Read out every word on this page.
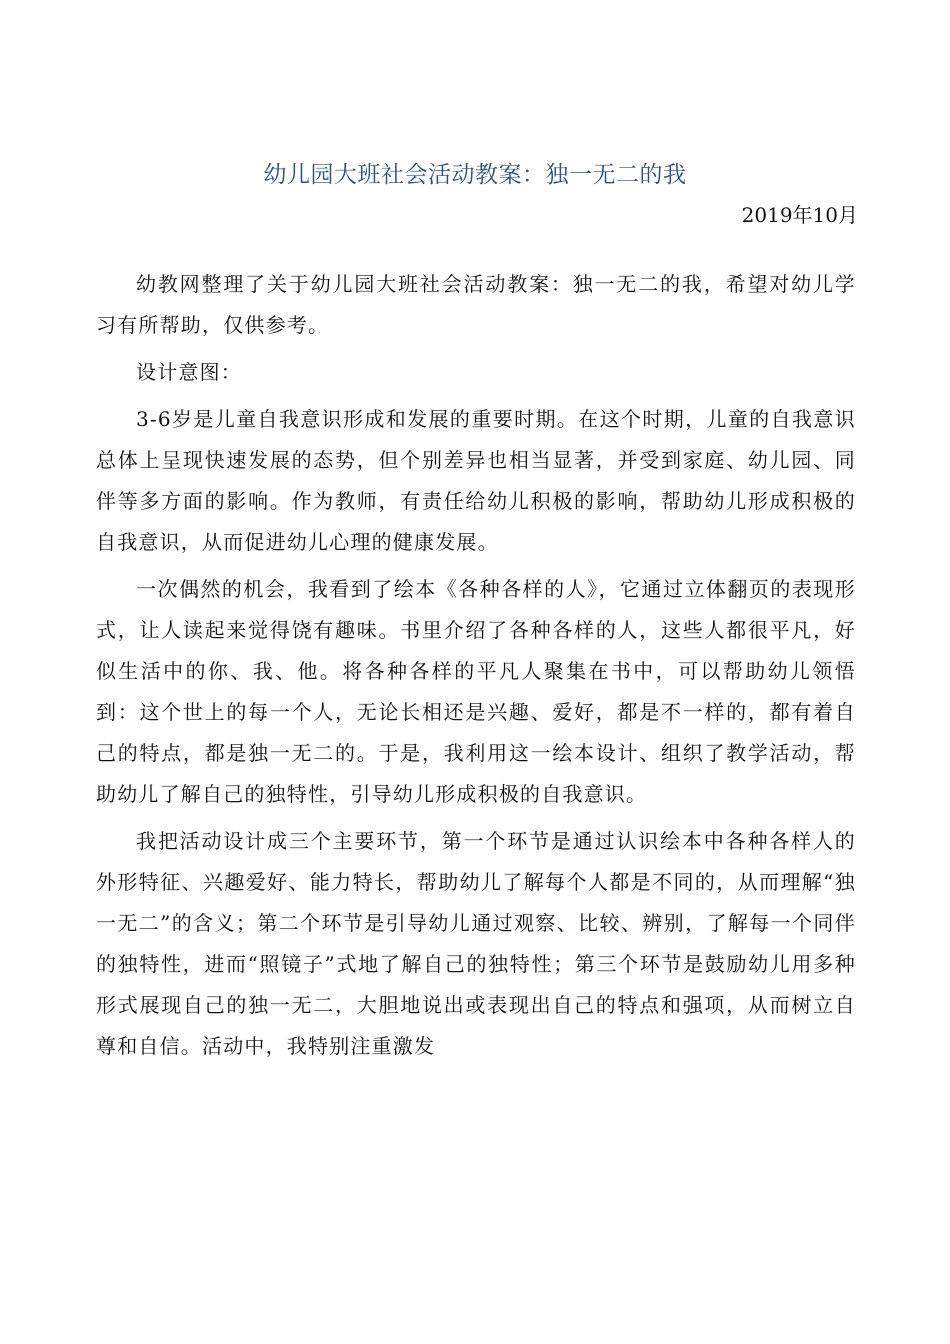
幼儿园大班社会活动教案：独一无二的我
2019年10月

幼教网整理了关于幼儿园大班社会活动教案：独一无二的我，希望对幼儿学习有所帮助，仅供参考。

设计意图：

3-6岁是儿童自我意识形成和发展的重要时期。在这个时期，儿童的自我意识总体上呈现快速发展的态势，但个别差异也相当显著，并受到家庭、幼儿园、同伴等多方面的影响。作为教师，有责任给幼儿积极的影响，帮助幼儿形成积极的自我意识，从而促进幼儿心理的健康发展。

一次偶然的机会，我看到了绘本《各种各样的人》，它通过立体翻页的表现形式，让人读起来觉得饶有趣味。书里介绍了各种各样的人，这些人都很平凡，好似生活中的你、我、他。将各种各样的平凡人聚集在书中，可以帮助幼儿领悟到：这个世上的每一个人，无论长相还是兴趣、爱好，都是不一样的，都有着自己的特点，都是独一无二的。于是，我利用这一绘本设计、组织了教学活动，帮助幼儿了解自己的独特性，引导幼儿形成积极的自我意识。

我把活动设计成三个主要环节，第一个环节是通过认识绘本中各种各样人的外形特征、兴趣爱好、能力特长，帮助幼儿了解每个人都是不同的，从而理解“独一无二”的含义；第二个环节是引导幼儿通过观察、比较、辨别，了解每一个同伴的独特性，进而“照镜子”式地了解自己的独特性；第三个环节是鼓励幼儿用多种形式展现自己的独一无二，大胆地说出或表现出自己的特点和强项，从而树立自尊和自信。活动中，我特别注重激发
